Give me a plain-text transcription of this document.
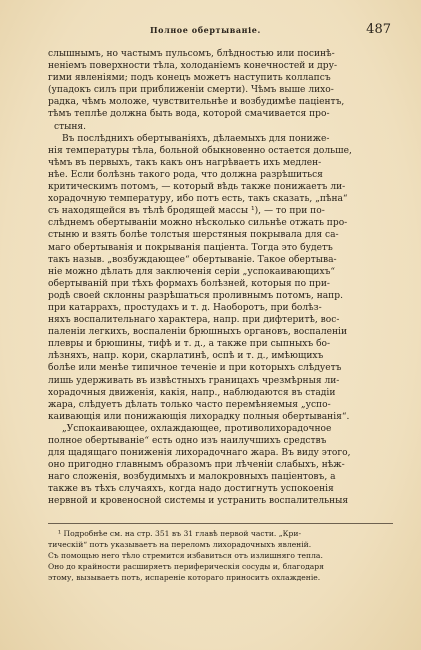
Полное обертываніе.	487
слышнымъ, но частымъ пульсомъ, блѣдностью или посинѣ-
неніемъ поверхности тѣла, холоданіемъ конечностей и дру-
гими явленіями; подъ конецъ можетъ наступить коллапсъ
(упадокъ силъ при приближеніи смерти). Чѣмъ выше лихо-
радка, чѣмъ моложе, чувствительнѣе и возбудимѣе паціентъ,
тѣмъ теплѣе должна быть вода, которой смачивается про-
стыня.
Въ послѣднихъ обертываніяхъ, дѣлаемыхъ для пониже-
нія температуры тѣла, больной обыкновенно остается дольше,
чѣмъ въ первыхъ, такъ какъ онъ нагрѣваетъ ихъ медлен-
нѣе. Если болѣзнь такого рода, что должна разрѣшиться
критическимъ потомъ, — который вѣдь также понижаетъ ли-
хорадочную температуру, ибо потъ есть, такъ сказать, „пѣна“
съ находящейся въ тѣлѣ бродящей массы ¹), — то при по-
слѣднемъ обертываніи можно нѣсколько сильнѣе отжать про-
стыню и взять болѣе толстыя шерстяныя покрывала для са-
маго обертыванія и покрыванія паціента. Тогда это будетъ
такъ назыв. „возбуждающее“ обертываніе. Такое обертыва-
ніе можно дѣлать для заключенія серіи „успокаивающихъ“
обертываній при тѣхъ формахъ болѣзней, которыя по при-
родѣ своей склонны разрѣшаться проливнымъ потомъ, напр.
при катаррахъ, простудахъ и т. д. Наоборотъ, при болѣз-
няхъ воспалительнаго характера, напр. при дифтеритѣ, вос-
паленіи легкихъ, воспаленіи брюшныхъ органовъ, воспаленіи
плевры и брюшины, тифѣ и т. д., а также при сыпныхъ бо-
лѣзняхъ, напр. кори, скарлатинѣ, оспѣ и т. д., имѣющихъ
болѣе или менѣе типичное теченіе и при которыхъ слѣдуетъ
лишь удерживать въ извѣстныхъ границахъ чрезмѣрныя ли-
хорадочныя движенія, какія, напр., наблюдаются въ стадіи
жара, слѣдуетъ дѣлать только часто перемѣняемыя „успо-
каивающія или понижающія лихорадку полныя обертыванія“.
„Успокаивающее, охлаждающее, противолихорадочное
полное обертываніе“ есть одно изъ наилучшихъ средствъ
для щадящаго пониженія лихорадочнаго жара. Въ виду этого,
оно пригодно главнымъ образомъ при лѣченіи слабыхъ, нѣж-
наго сложенія, возбудимыхъ и малокровныхъ паціентовъ, а
также въ тѣхъ случаяхъ, когда надо достигнуть успокоенія
нервной и кровеносной системы и устранить воспалительныя
¹ Подробнѣе см. на стр. 351 въ 31 главѣ первой части. „Кри-
тическій“ потъ указываетъ на переломъ лихорадочныхъ явленій.
Съ помощью него тѣло стремится избавиться отъ излишняго тепла.
Оно до крайности расширяетъ периферическія сосуды и, благодаря
этому, вызываетъ потъ, испареніе котораго приноситъ охлажденіе.
